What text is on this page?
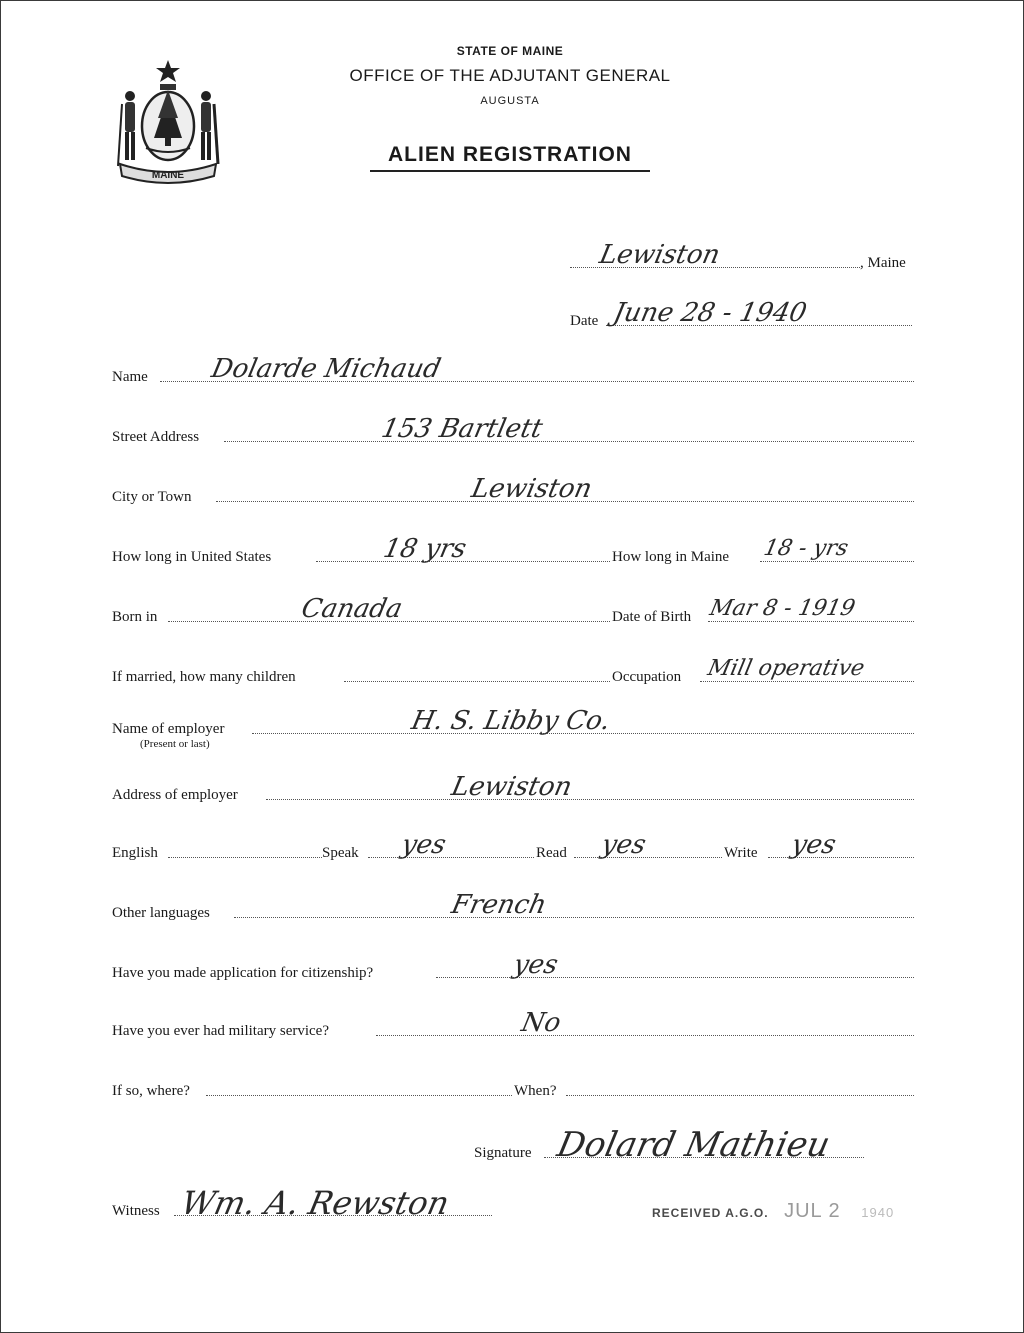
MAINE
STATE OF MAINE
OFFICE OF THE ADJUTANT GENERAL
AUGUSTA
ALIEN REGISTRATION
Lewiston	, Maine
Date June 28 - 1940
Name Dolarde Michaud
Street Address	153 Bartlett
City or Town	Lewiston
How long in United States	18 yrs	How long in Maine 18 - yrs
Born in	Canada	Date of Birth Mar 8 - 1919
If married, how many children	Occupation Mill operative
Name of employer
(Present or last)
H. S. Libby Co.
Address of employer	Lewiston
English	Speak yes	Read yes	Write yes
Other languages	French
Have you made application for citizenship?	yes
Have you ever had military service?	No
If so, where?	When?
Signature Dolard Mathieu
Witness Wm. A. Rewston	RECEIVED A.G.O. JUL 2 1940
